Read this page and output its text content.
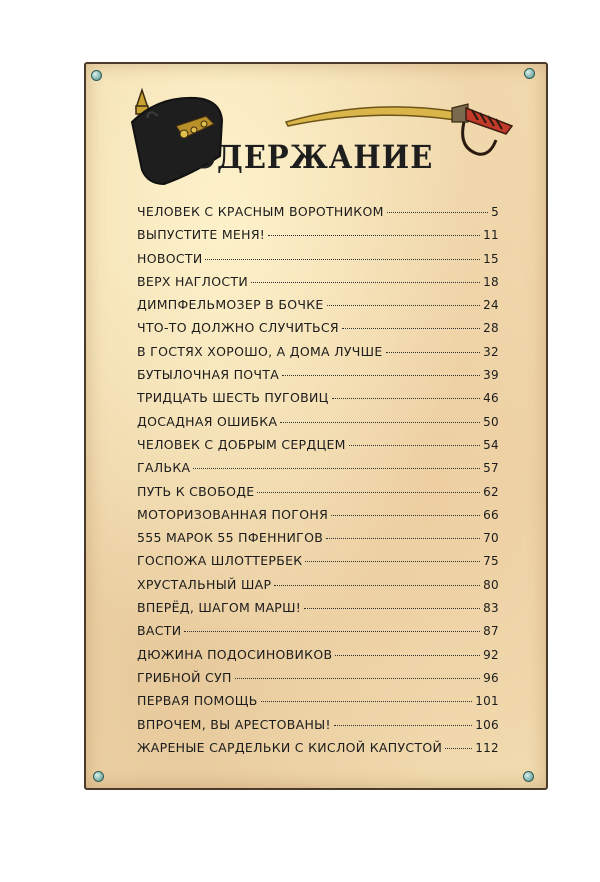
СОДЕРЖАНИЕ
ЧЕЛОВЕК С КРАСНЫМ ВОРОТНИКОМ	5
ВЫПУСТИТЕ МЕНЯ!	11
НОВОСТИ	15
ВЕРХ НАГЛОСТИ	18
ДИМПФЕЛЬМОЗЕР В БОЧКЕ	24
ЧТО-ТО ДОЛЖНО СЛУЧИТЬСЯ	28
В ГОСТЯХ ХОРОШО, А ДОМА ЛУЧШЕ	32
БУТЫЛОЧНАЯ ПОЧТА	39
ТРИДЦАТЬ ШЕСТЬ ПУГОВИЦ	46
ДОСАДНАЯ ОШИБКА	50
ЧЕЛОВЕК С ДОБРЫМ СЕРДЦЕМ	54
ГАЛЬКА	57
ПУТЬ К СВОБОДЕ	62
МОТОРИЗОВАННАЯ ПОГОНЯ	66
555 МАРОК 55 ПФЕННИГОВ	70
ГОСПОЖА ШЛОТТЕРБЕК	75
ХРУСТАЛЬНЫЙ ШАР	80
ВПЕРЁД, ШАГОМ МАРШ!	83
ВАСТИ	87
ДЮЖИНА ПОДОСИНОВИКОВ	92
ГРИБНОЙ СУП	96
ПЕРВАЯ ПОМОЩЬ	101
ВПРОЧЕМ, ВЫ АРЕСТОВАНЫ!	106
ЖАРЕНЫЕ САРДЕЛЬКИ С КИСЛОЙ КАПУСТОЙ	112
